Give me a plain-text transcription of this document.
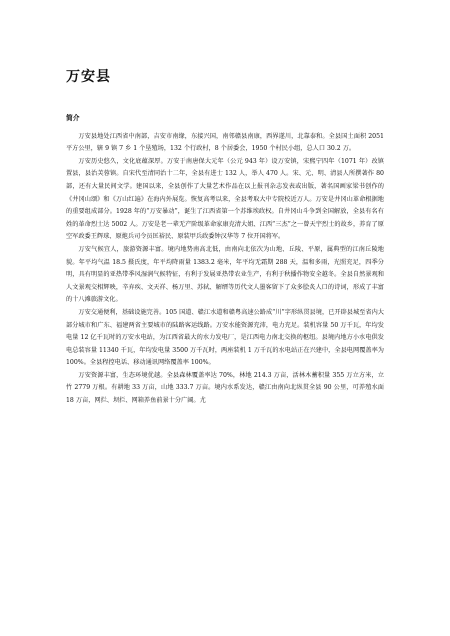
万安县
简介

万安县地处江西省中南部，吉安市南缘，东接兴国，南邻赣县南康，西界遂川，北靠泰和。全县国土面积 2051 平方公里，辖 9 镇 7 乡 1 个垦殖场，132 个行政村，8 个居委会，1950 个村民小组，总人口 30.2 万。

万安历史悠久，文化底蕴深厚。万安于南唐保大元年（公元 943 年）设万安镇，宋熙宁四年（1071 年）改镇置县，县治芙蓉镇。自宋代至清同治十二年，全县有进士 132 人，举人 470 人。宋、元、明、清县人所撰著作 80 部，还有大量民间文学。建国以来，全县创作了大量艺术作品在以上报刊杂志发表或出版，著名国画家梁书创作的《井冈山颂》和《万山红遍》在海内外展览。恢复高考以来，全县考取大中专院校近万人。万安是井冈山革命根据地的重要组成部分。1928 年的“万安暴动”，诞生了江西省第一个苏维埃政权。自井冈山斗争到全国解放，全县有名有姓的革命烈士达 5002 人。万安是老一辈无产阶级革命家康克清大姐、江西“三杰”之一曾天宇烈士的故乡，养育了原空军政委王辉球、原炮兵司令员匡裕民、原装甲兵政委钟汉华等 7 位开国将军。

万安气候宜人，旅游资源丰富。境内地势南高北低，由南向北依次为山地、丘陵、平原，属典型的江南丘陵地貌。年平均气温 18.5 摄氏度，年平均降雨量 1383.2 毫米，年平均无霜期 288 天，温和多雨，光照充足，四季分明，具有明显的亚热带季风湿润气候特征，有利于发展亚热带农业生产，有利于秋播作物安全越冬。全县自然景观和人文景观交相辉映，辛弃疾、文天祥、杨万里、苏轼、解缙等历代文人墨客留下了众多脍炙人口的诗词，形成了丰富的十八滩旅游文化。

万安交通便利，基础设施完善。105 国道、赣江水道和赣粤高速公路成“川”字形纵贯县境，已开辟县城至省内大部分城市和广东、福建两省主要城市的陆路客运线路。万安水能资源充沛，电力充足。装机容量 50 万千瓦，年均发电量 12 亿千瓦时的万安水电站，为江西省最大的水力发电厂，是江西电力南北交换的枢纽。县境内地方小水电供发电总装容量 11340 千瓦，年均发电量 3500 万千瓦时，两座装机 1 万千瓦的水电站正在兴建中，全县电网覆盖率为 100%。全县程控电话、移动通讯网络覆盖率 100%。

万安资源丰富，生态环境优越。全县森林覆盖率达 70%，林地 214.3 万亩，活林木蓄积量 355 万立方米，立竹 2779 万根。有耕地 33 万亩，山地 333.7 万亩。境内水系发达，赣江由南向北纵贯全县 90 公里，可养殖水面 18 万亩，网拦、坝拦、网箱养鱼前景十分广阔。尤
